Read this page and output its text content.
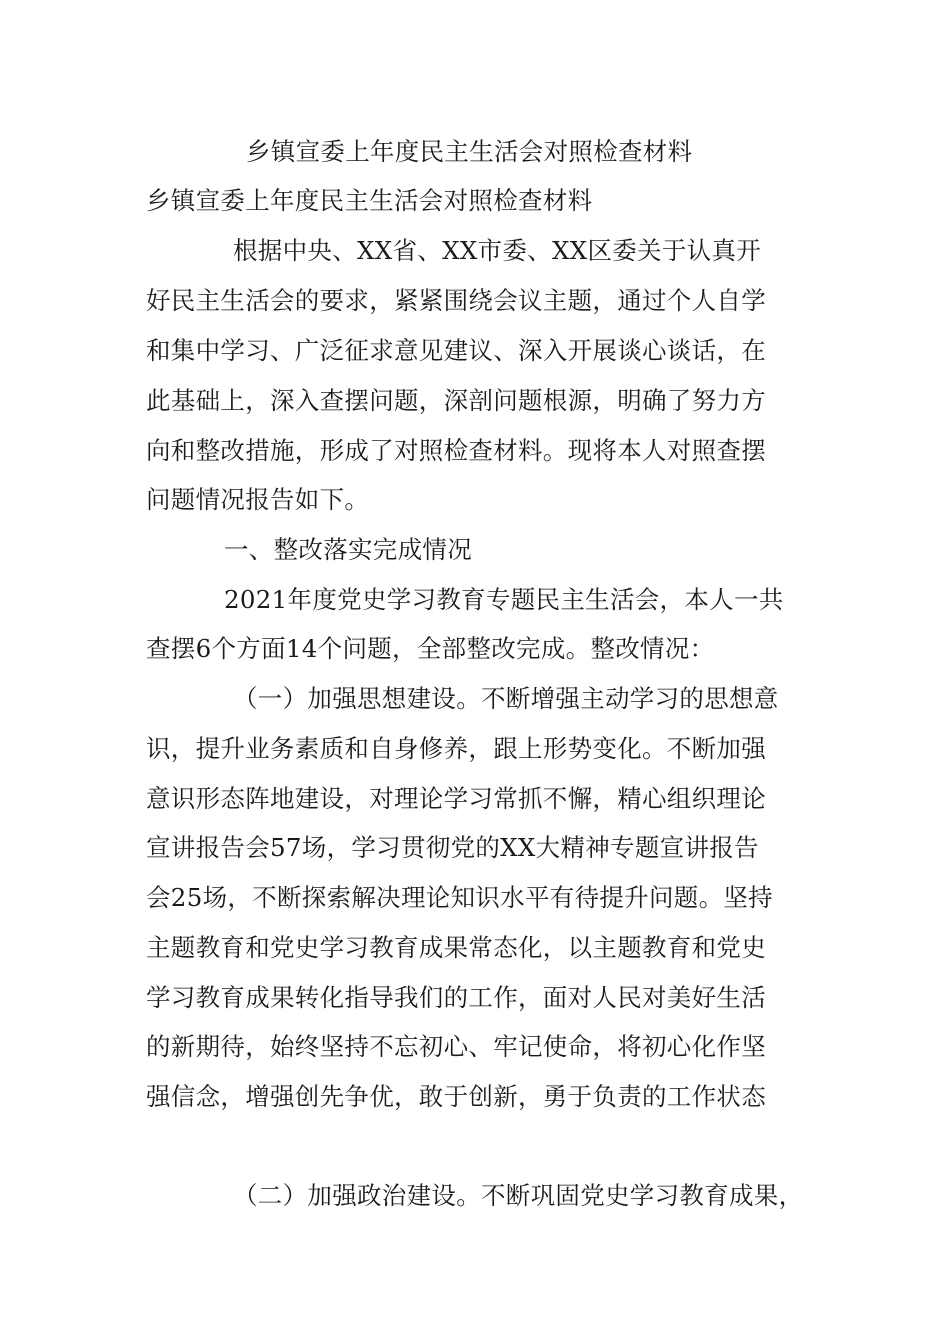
乡镇宣委上年度民主生活会对照检查材料
乡镇宣委上年度民主生活会对照检查材料
根据中央、XX省、XX市委、XX区委关于认真开
好民主生活会的要求，紧紧围绕会议主题，通过个人自学
和集中学习、广泛征求意见建议、深入开展谈心谈话，在
此基础上，深入查摆问题，深剖问题根源，明确了努力方
向和整改措施，形成了对照检查材料。现将本人对照查摆
问题情况报告如下。
一、整改落实完成情况
2021年度党史学习教育专题民主生活会，本人一共
查摆6个方面14个问题，全部整改完成。整改情况：
（一）加强思想建设。不断增强主动学习的思想意
识，提升业务素质和自身修养，跟上形势变化。不断加强
意识形态阵地建设，对理论学习常抓不懈，精心组织理论
宣讲报告会57场，学习贯彻党的XX大精神专题宣讲报告
会25场，不断探索解决理论知识水平有待提升问题。坚持
主题教育和党史学习教育成果常态化，以主题教育和党史
学习教育成果转化指导我们的工作，面对人民对美好生活
的新期待，始终坚持不忘初心、牢记使命，将初心化作坚
强信念，增强创先争优，敢于创新，勇于负责的工作状态
（二）加强政治建设。不断巩固党史学习教育成果，
